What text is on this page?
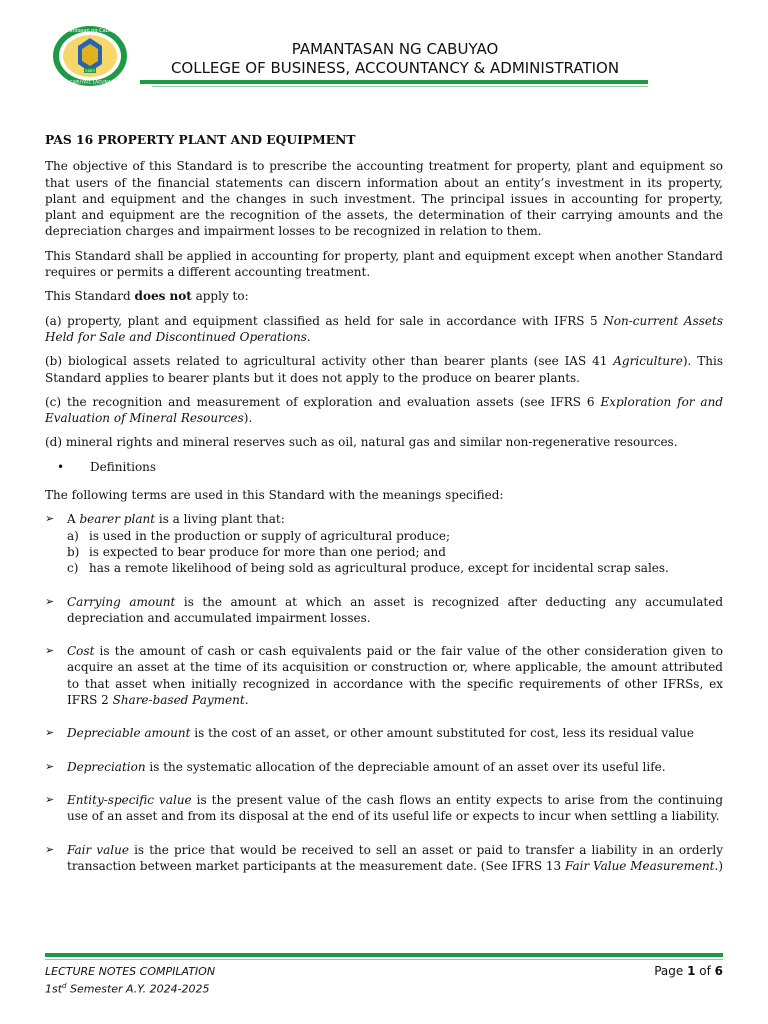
Pamantasan ng Cabuyao
CABUYAO, LAGUNA
2003
PAMANTASAN NG CABUYAO
COLLEGE OF BUSINESS, ACCOUNTANCY & ADMINISTRATION
PAS 16 PROPERTY PLANT AND EQUIPMENT

The objective of this Standard is to prescribe the accounting treatment for property, plant and equipment so that users of the financial statements can discern information about an entity’s investment in its property, plant and equipment and the changes in such investment. The principal issues in accounting for property, plant and equipment are the recognition of the assets, the determination of their carrying amounts and the depreciation charges and impairment losses to be recognized in relation to them.

This Standard shall be applied in accounting for property, plant and equipment except when another Standard requires or permits a different accounting treatment.

This Standard does not apply to:

(a) property, plant and equipment classified as held for sale in accordance with IFRS 5 Non-current Assets Held for Sale and Discontinued Operations.

(b) biological assets related to agricultural activity other than bearer plants (see IAS 41 Agriculture). This Standard applies to bearer plants but it does not apply to the produce on bearer plants.

(c) the recognition and measurement of exploration and evaluation assets (see IFRS 6 Exploration for and Evaluation of Mineral Resources).

(d) mineral rights and mineral reserves such as oil, natural gas and similar non-regenerative resources.

• Definitions

The following terms are used in this Standard with the meanings specified:

➢ A bearer plant is a living plant that:
a) is used in the production or supply of agricultural produce;
b) is expected to bear produce for more than one period; and
c) has a remote likelihood of being sold as agricultural produce, except for incidental scrap sales.
➢ Carrying amount is the amount at which an asset is recognized after deducting any accumulated depreciation and accumulated impairment losses.
➢ Cost is the amount of cash or cash equivalents paid or the fair value of the other consideration given to acquire an asset at the time of its acquisition or construction or, where applicable, the amount attributed to that asset when initially recognized in accordance with the specific requirements of other IFRSs, ex IFRS 2 Share-based Payment.
➢ Depreciable amount is the cost of an asset, or other amount substituted for cost, less its residual value
➢ Depreciation is the systematic allocation of the depreciable amount of an asset over its useful life.
➢ Entity-specific value is the present value of the cash flows an entity expects to arise from the continuing use of an asset and from its disposal at the end of its useful life or expects to incur when settling a liability.
➢ Fair value is the price that would be received to sell an asset or paid to transfer a liability in an orderly transaction between market participants at the measurement date. (See IFRS 13 Fair Value Measurement.)
LECTURE NOTES COMPILATION
$1st^d$ Semester A.Y. 2024-2025
Page 1 of 6
